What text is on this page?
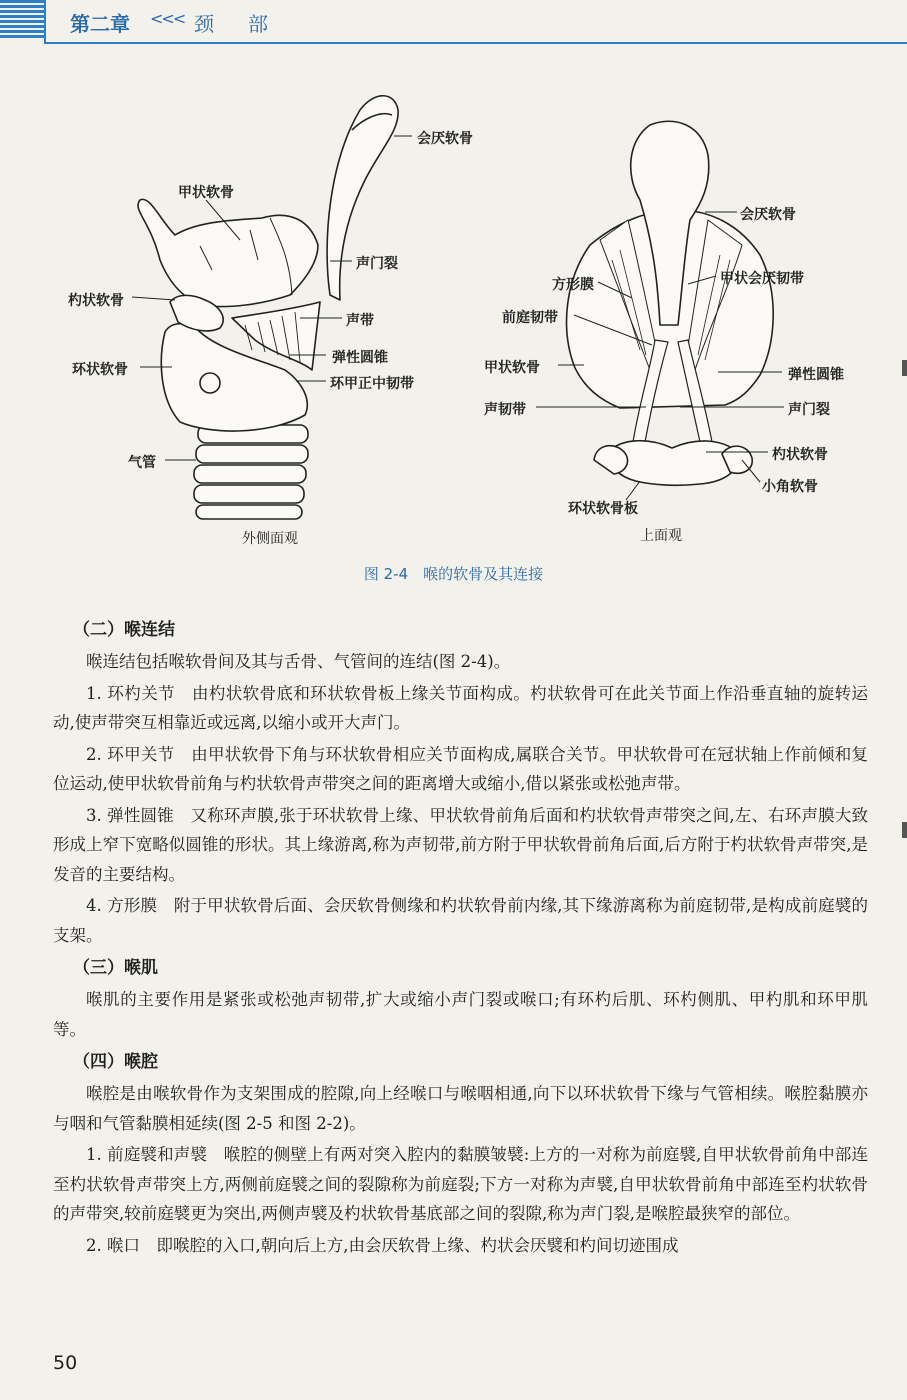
第二章 <<< 颈部
会厌软骨
甲状软骨
声门裂
杓状软骨
声带
弹性圆锥
环状软骨
环甲正中韧带
气管
外侧面观
会厌软骨
方形膜	甲状会厌韧带
前庭韧带
甲状软骨	弹性圆锥
声韧带	声门裂
杓状软骨
小角软骨
环状软骨板
上面观
图 2-4　喉的软骨及其连接
（二）喉连结

喉连结包括喉软骨间及其与舌骨、气管间的连结(图 2-4)。

1. 环杓关节　由杓状软骨底和环状软骨板上缘关节面构成。杓状软骨可在此关节面上作沿垂直轴的旋转运动,使声带突互相靠近或远离,以缩小或开大声门。

2. 环甲关节　由甲状软骨下角与环状软骨相应关节面构成,属联合关节。甲状软骨可在冠状轴上作前倾和复位运动,使甲状软骨前角与杓状软骨声带突之间的距离增大或缩小,借以紧张或松弛声带。

3. 弹性圆锥　又称环声膜,张于环状软骨上缘、甲状软骨前角后面和杓状软骨声带突之间,左、右环声膜大致形成上窄下宽略似圆锥的形状。其上缘游离,称为声韧带,前方附于甲状软骨前角后面,后方附于杓状软骨声带突,是发音的主要结构。

4. 方形膜　附于甲状软骨后面、会厌软骨侧缘和杓状软骨前内缘,其下缘游离称为前庭韧带,是构成前庭襞的支架。

（三）喉肌

喉肌的主要作用是紧张或松弛声韧带,扩大或缩小声门裂或喉口;有环杓后肌、环杓侧肌、甲杓肌和环甲肌等。

（四）喉腔

喉腔是由喉软骨作为支架围成的腔隙,向上经喉口与喉咽相通,向下以环状软骨下缘与气管相续。喉腔黏膜亦与咽和气管黏膜相延续(图 2-5 和图 2-2)。

1. 前庭襞和声襞　喉腔的侧壁上有两对突入腔内的黏膜皱襞:上方的一对称为前庭襞,自甲状软骨前角中部连至杓状软骨声带突上方,两侧前庭襞之间的裂隙称为前庭裂;下方一对称为声襞,自甲状软骨前角中部连至杓状软骨的声带突,较前庭襞更为突出,两侧声襞及杓状软骨基底部之间的裂隙,称为声门裂,是喉腔最狭窄的部位。

2. 喉口　即喉腔的入口,朝向后上方,由会厌软骨上缘、杓状会厌襞和杓间切迹围成

50
